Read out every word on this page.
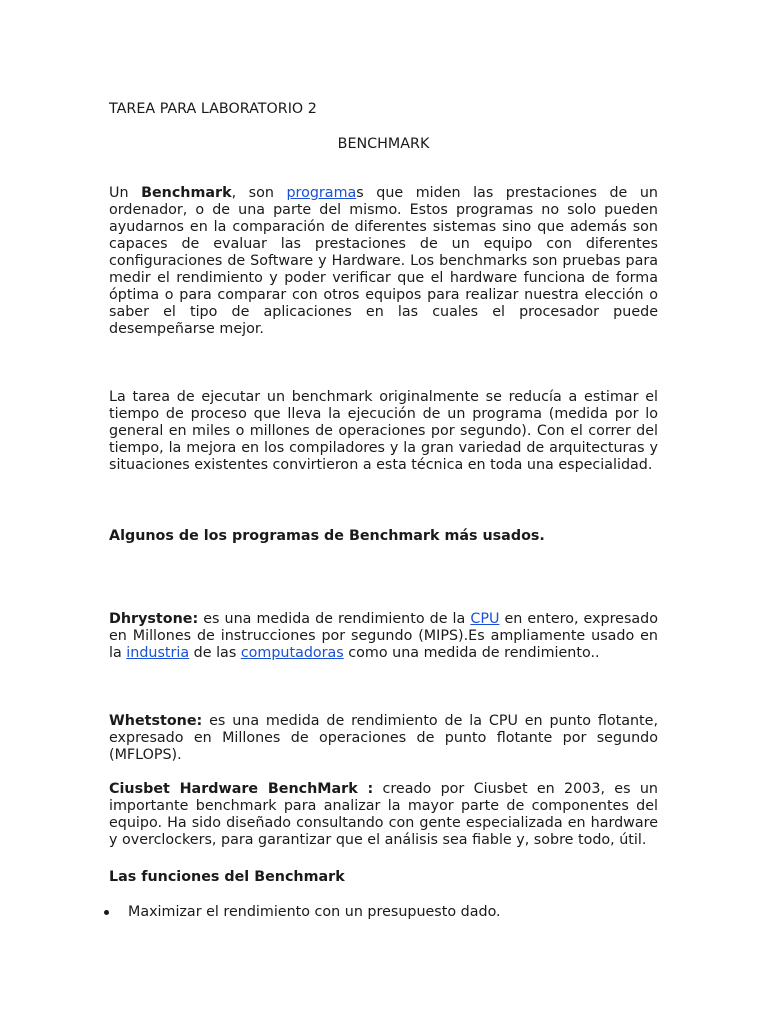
TAREA PARA LABORATORIO 2
BENCHMARK

Un Benchmark, son programas que miden las prestaciones de un ordenador, o de una parte del mismo. Estos programas no solo pueden ayudarnos en la comparación de diferentes sistemas sino que además son capaces de evaluar las prestaciones de un equipo con diferentes configuraciones de Software y Hardware. Los benchmarks son pruebas para medir el rendimiento y poder verificar que el hardware funciona de forma óptima o para comparar con otros equipos para realizar nuestra elección o saber el tipo de aplicaciones en las cuales el procesador puede desempeñarse mejor.

La tarea de ejecutar un benchmark originalmente se reducía a estimar el tiempo de proceso que lleva la ejecución de un programa (medida por lo general en miles o millones de operaciones por segundo). Con el correr del tiempo, la mejora en los compiladores y la gran variedad de arquitecturas y situaciones existentes convirtieron a esta técnica en toda una especialidad.

Algunos de los programas de Benchmark más usados.

Dhrystone: es una medida de rendimiento de la CPU en entero, expresado en Millones de instrucciones por segundo (MIPS).Es ampliamente usado en la industria de las computadoras como una medida de rendimiento..

Whetstone: es una medida de rendimiento de la CPU en punto flotante, expresado en Millones de operaciones de punto flotante por segundo (MFLOPS).

Ciusbet Hardware BenchMark : creado por Ciusbet en 2003, es un importante benchmark para analizar la mayor parte de componentes del equipo. Ha sido diseñado consultando con gente especializada en hardware y overclockers, para garantizar que el análisis sea fiable y, sobre todo, útil.

Las funciones del Benchmark
Maximizar el rendimiento con un presupuesto dado.
